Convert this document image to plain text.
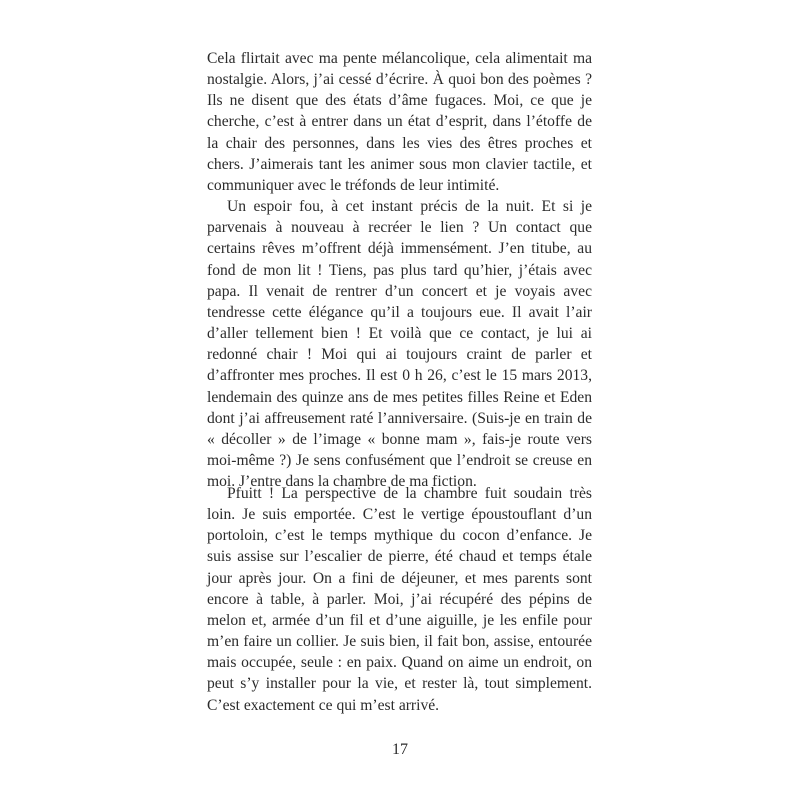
Cela flirtait avec ma pente mélancolique, cela alimentait ma nostalgie. Alors, j’ai cessé d’écrire. À quoi bon des poèmes ? Ils ne disent que des états d’âme fugaces. Moi, ce que je cherche, c’est à entrer dans un état d’esprit, dans l’étoffe de la chair des personnes, dans les vies des êtres proches et chers. J’aimerais tant les animer sous mon clavier tactile, et communiquer avec le tréfonds de leur intimité.

Un espoir fou, à cet instant précis de la nuit. Et si je parvenais à nouveau à recréer le lien ? Un contact que certains rêves m’offrent déjà immensément. J’en titube, au fond de mon lit ! Tiens, pas plus tard qu’hier, j’étais avec papa. Il venait de rentrer d’un concert et je voyais avec tendresse cette élégance qu’il a toujours eue. Il avait l’air d’aller tellement bien ! Et voilà que ce contact, je lui ai redonné chair ! Moi qui ai toujours craint de parler et d’affronter mes proches. Il est 0 h 26, c’est le 15 mars 2013, lendemain des quinze ans de mes petites filles Reine et Eden dont j’ai affreusement raté l’anniversaire. (Suis-je en train de « décoller » de l’image « bonne mam », fais-je route vers moi-même ?) Je sens confusément que l’endroit se creuse en moi. J’entre dans la chambre de ma fiction.

Pfuitt ! La perspective de la chambre fuit soudain très loin. Je suis emportée. C’est le vertige époustouflant d’un portoloin, c’est le temps mythique du cocon d’enfance. Je suis assise sur l’escalier de pierre, été chaud et temps étale jour après jour. On a fini de déjeuner, et mes parents sont encore à table, à parler. Moi, j’ai récupéré des pépins de melon et, armée d’un fil et d’une aiguille, je les enfile pour m’en faire un collier. Je suis bien, il fait bon, assise, entourée mais occupée, seule : en paix. Quand on aime un endroit, on peut s’y installer pour la vie, et rester là, tout simplement. C’est exactement ce qui m’est arrivé.

17
